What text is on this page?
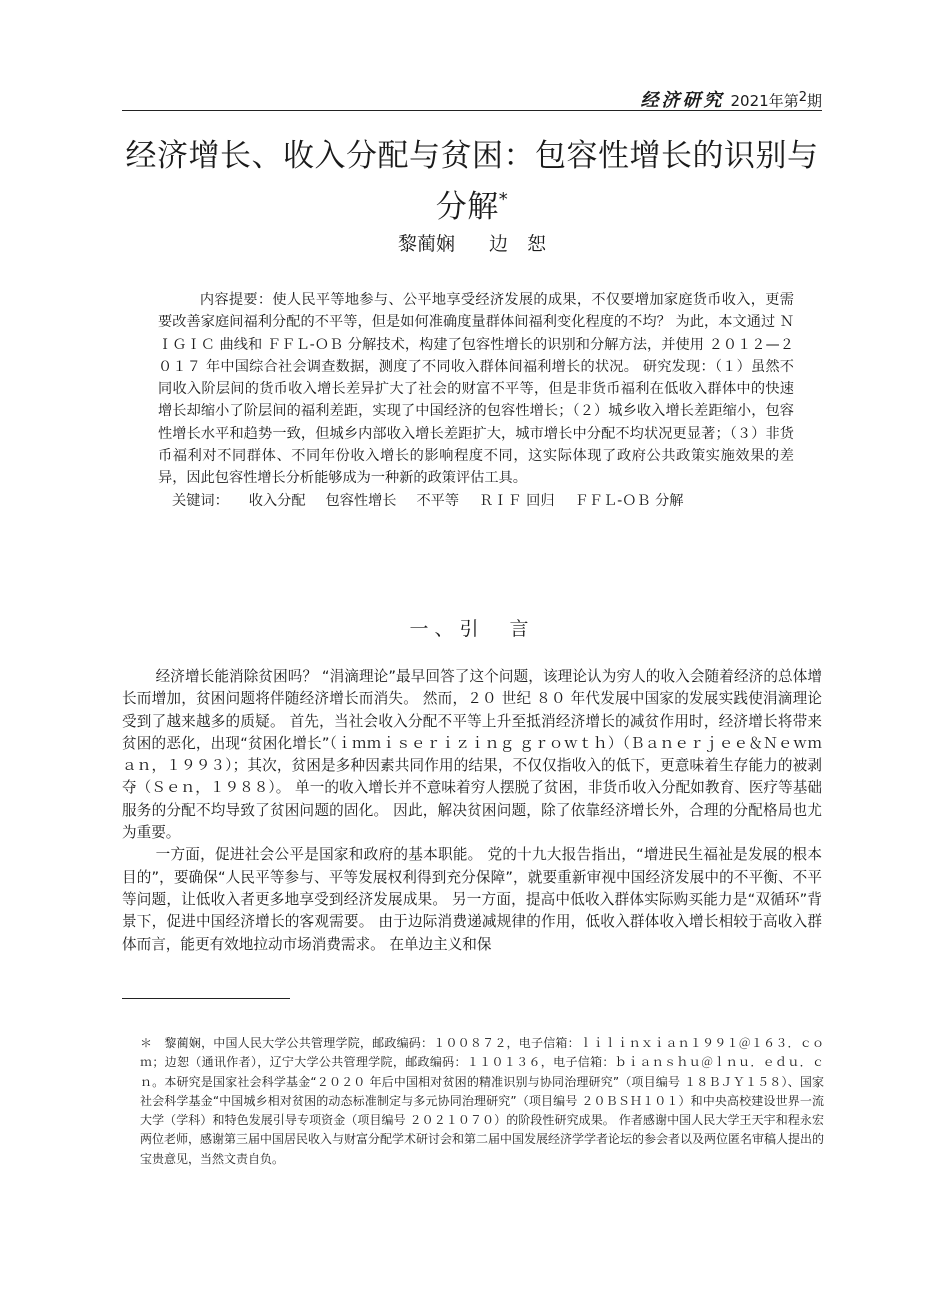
经济研究 2021年第2期
经济增长、收入分配与贫困：包容性增长的识别与分解*
黎蔺娴 边　恕

内容提要：使人民平等地参与、公平地享受经济发展的成果，不仅要增加家庭货币收入，更需要改善家庭间福利分配的不平等，但是如何准确度量群体间福利变化程度的不均？ 为此，本文通过 ＮＩＧＩＣ 曲线和 ＦＦＬ-ＯＢ 分解技术，构建了包容性增长的识别和分解方法，并使用 ２０１２—２０１７ 年中国综合社会调查数据，测度了不同收入群体间福利增长的状况。 研究发现：（１）虽然不同收入阶层间的货币收入增长差异扩大了社会的财富不平等，但是非货币福利在低收入群体中的快速增长却缩小了阶层间的福利差距，实现了中国经济的包容性增长；（２）城乡收入增长差距缩小，包容性增长水平和趋势一致，但城乡内部收入增长差距扩大，城市增长中分配不均状况更显著；（３）非货币福利对不同群体、不同年份收入增长的影响程度不同，这实际体现了政府公共政策实施效果的差异，因此包容性增长分析能够成为一种新的政策评估工具。

关键词： 收入分配 包容性增长 不平等 ＲＩＦ 回归 ＦＦＬ-ＯＢ 分解

一、引　言

经济增长能消除贫困吗？ “涓滴理论”最早回答了这个问题，该理论认为穷人的收入会随着经济的总体增长而增加，贫困问题将伴随经济增长而消失。 然而，２０ 世纪 ８０ 年代发展中国家的发展实践使涓滴理论受到了越来越多的质疑。 首先，当社会收入分配不平等上升至抵消经济增长的减贫作用时，经济增长将带来贫困的恶化，出现“贫困化增长”（ｉｍｍｉｓｅｒｉｚｉｎｇ ｇｒｏｗｔｈ）（Ｂａｎｅｒｊｅｅ＆Ｎｅｗｍａｎ，１９９３）；其次，贫困是多种因素共同作用的结果，不仅仅指收入的低下，更意味着生存能力的被剥夺（Ｓｅｎ，１９８８）。 单一的收入增长并不意味着穷人摆脱了贫困，非货币收入分配如教育、医疗等基础服务的分配不均导致了贫困问题的固化。 因此，解决贫困问题，除了依靠经济增长外，合理的分配格局也尤为重要。

一方面，促进社会公平是国家和政府的基本职能。 党的十九大报告指出，“增进民生福祉是发展的根本目的”，要确保“人民平等参与、平等发展权利得到充分保障”，就要重新审视中国经济发展中的不平衡、不平等问题，让低收入者更多地享受到经济发展成果。 另一方面，提高中低收入群体实际购买能力是“双循环”背景下，促进中国经济增长的客观需要。 由于边际消费递减规律的作用，低收入群体收入增长相较于高收入群体而言，能更有效地拉动市场消费需求。 在单边主义和保

＊　黎蔺娴，中国人民大学公共管理学院，邮政编码：１００８７２，电子信箱：ｌｉｌｉｎｘｉａｎ１９９１＠１６３．ｃｏｍ；边恕（通讯作者），辽宁大学公共管理学院，邮政编码：１１０１３６，电子信箱：ｂｉａｎｓｈｕ＠ｌｎｕ．ｅｄｕ．ｃｎ。本研究是国家社会科学基金“２０２０ 年后中国相对贫困的精准识别与协同治理研究”（项目编号 １８ＢＪＹ１５８）、国家社会科学基金“中国城乡相对贫困的动态标准制定与多元协同治理研究”（项目编号 ２０ＢＳＨ１０１）和中央高校建设世界一流大学（学科）和特色发展引导专项资金（项目编号 ２０２１０７０）的阶段性研究成果。 作者感谢中国人民大学王天宇和程永宏两位老师，感谢第三届中国居民收入与财富分配学术研讨会和第二届中国发展经济学学者论坛的参会者以及两位匿名审稿人提出的宝贵意见，当然文责自负。
